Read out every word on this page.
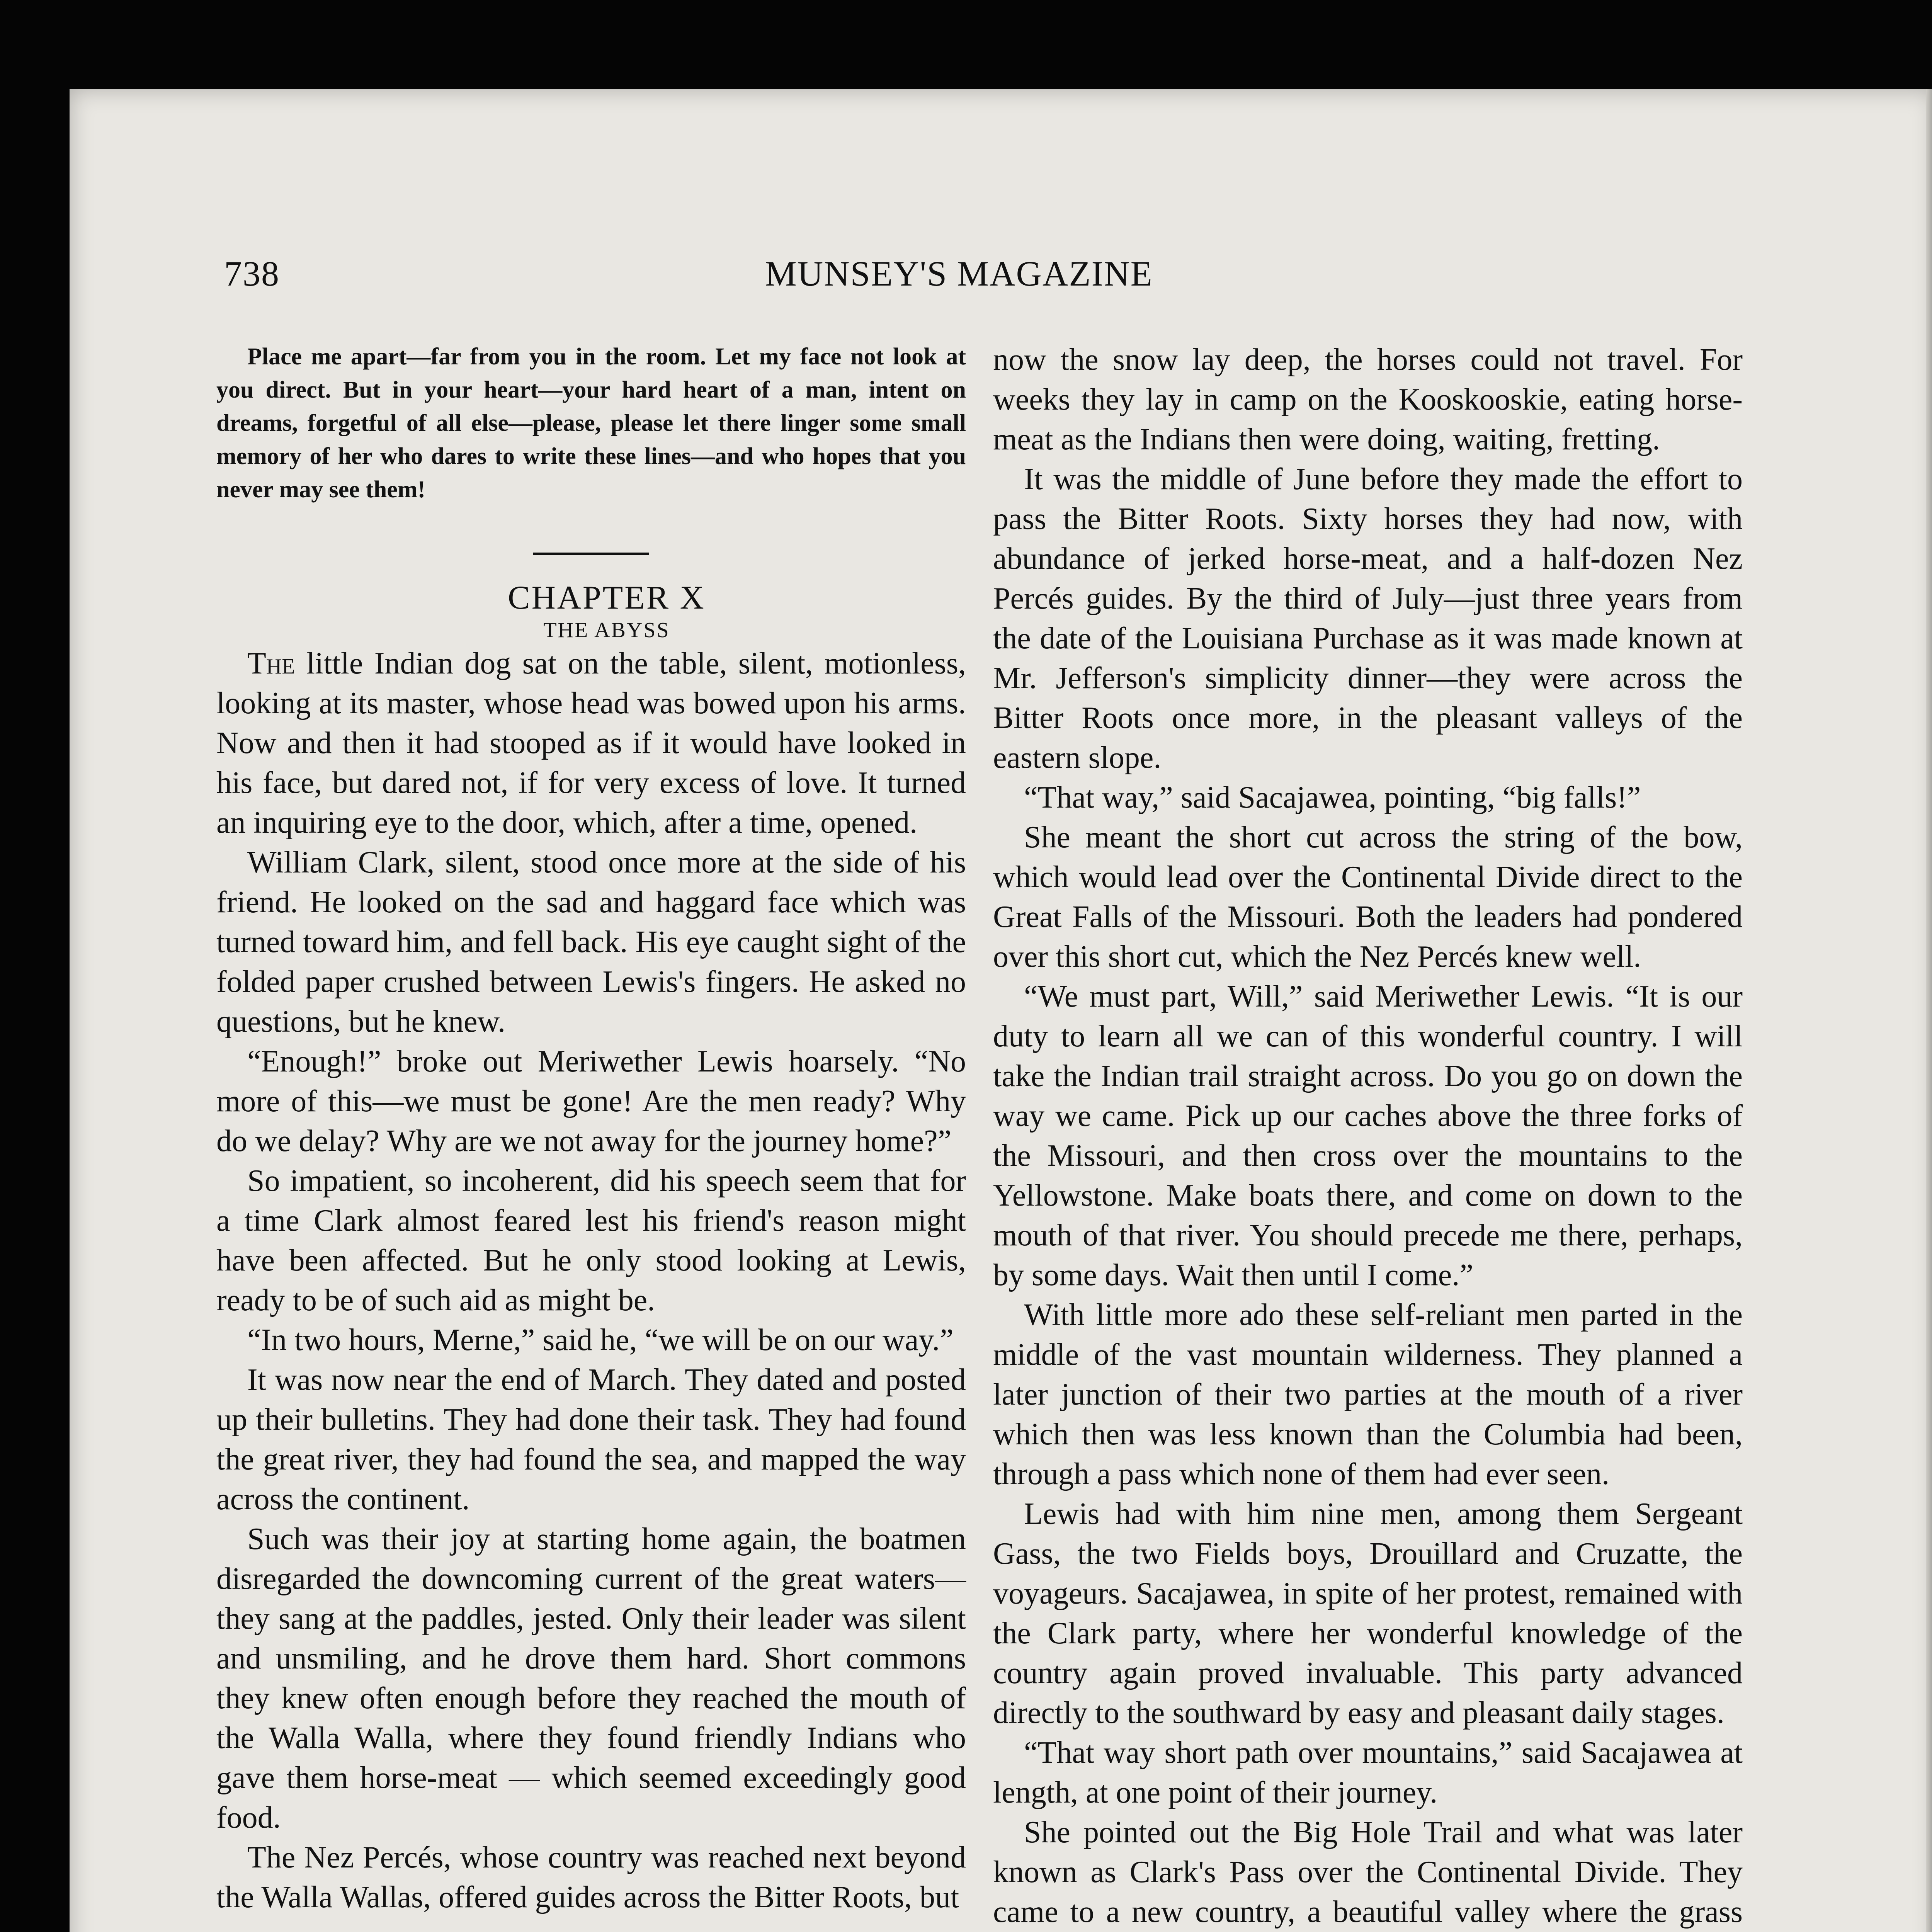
738	MUNSEY'S MAGAZINE

Place me apart—far from you in the room. Let my face not look at you direct. But in your heart—your hard heart of a man, intent on dreams, forgetful of all else—please, please let there linger some small memory of her who dares to write these lines—and who hopes that you never may see them!

CHAPTER X

THE ABYSS

The little Indian dog sat on the table, silent, motionless, looking at its master, whose head was bowed upon his arms. Now and then it had stooped as if it would have looked in his face, but dared not, if for very excess of love. It turned an inquiring eye to the door, which, after a time, opened.

William Clark, silent, stood once more at the side of his friend. He looked on the sad and haggard face which was turned toward him, and fell back. His eye caught sight of the folded paper crushed between Lewis's fingers. He asked no questions, but he knew.

“Enough!” broke out Meriwether Lewis hoarsely. “No more of this—we must be gone! Are the men ready? Why do we delay? Why are we not away for the journey home?”

So impatient, so incoherent, did his speech seem that for a time Clark almost feared lest his friend's reason might have been affected. But he only stood looking at Lewis, ready to be of such aid as might be.

“In two hours, Merne,” said he, “we will be on our way.”

It was now near the end of March. They dated and posted up their bulletins. They had done their task. They had found the great river, they had found the sea, and mapped the way across the continent.

Such was their joy at starting home again, the boatmen disregarded the downcoming current of the great waters—they sang at the paddles, jested. Only their leader was silent and unsmiling, and he drove them hard. Short commons they knew often enough before they reached the mouth of the Walla Walla, where they found friendly Indians who gave them horse-meat — which seemed exceedingly good food.

The Nez Percés, whose country was reached next beyond the Walla Wallas, offered guides across the Bitter Roots, but

now the snow lay deep, the horses could not travel. For weeks they lay in camp on the Kooskooskie, eating horse-meat as the Indians then were doing, waiting, fretting.

It was the middle of June before they made the effort to pass the Bitter Roots. Sixty horses they had now, with abundance of jerked horse-meat, and a half-dozen Nez Percés guides. By the third of July—just three years from the date of the Louisiana Purchase as it was made known at Mr. Jefferson's simplicity dinner—they were across the Bitter Roots once more, in the pleasant valleys of the eastern slope.

“That way,” said Sacajawea, pointing, “big falls!”

She meant the short cut across the string of the bow, which would lead over the Continental Divide direct to the Great Falls of the Missouri. Both the leaders had pondered over this short cut, which the Nez Percés knew well.

“We must part, Will,” said Meriwether Lewis. “It is our duty to learn all we can of this wonderful country. I will take the Indian trail straight across. Do you go on down the way we came. Pick up our caches above the three forks of the Missouri, and then cross over the mountains to the Yellowstone. Make boats there, and come on down to the mouth of that river. You should precede me there, perhaps, by some days. Wait then until I come.”

With little more ado these self-reliant men parted in the middle of the vast mountain wilderness. They planned a later junction of their two parties at the mouth of a river which then was less known than the Columbia had been, through a pass which none of them had ever seen.

Lewis had with him nine men, among them Sergeant Gass, the two Fields boys, Drouillard and Cruzatte, the voyageurs. Sacajawea, in spite of her protest, remained with the Clark party, where her wonderful knowledge of the country again proved invaluable. This party advanced directly to the southward by easy and pleasant daily stages.

“That way short path over mountains,” said Sacajawea at length, at one point of their journey.

She pointed out the Big Hole Trail and what was later known as Clark's Pass over the Continental Divide. They came to a new country, a beautiful valley where the grass
